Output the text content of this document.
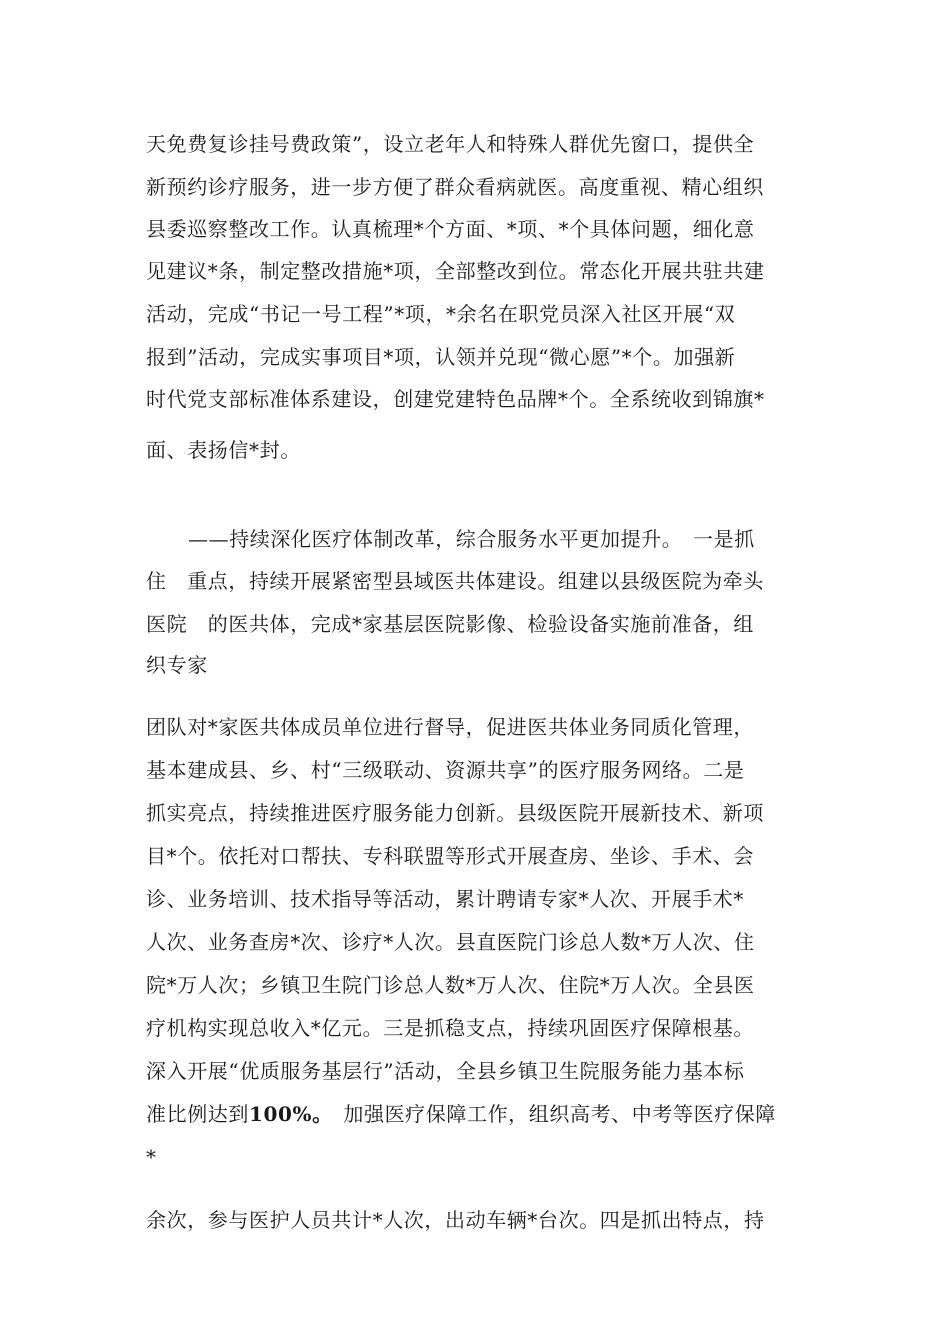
天免费复诊挂号费政策”，设立老年人和特殊人群优先窗口，提供全
新预约诊疗服务，进一步方便了群众看病就医。高度重视、精心组织
县委巡察整改工作。认真梳理*个方面、*项、*个具体问题，细化意
见建议*条，制定整改措施*项，全部整改到位。常态化开展共驻共建
活动，完成“书记一号工程”*项，*余名在职党员深入社区开展“双
报到”活动，完成实事项目*项，认领并兑现“微心愿”*个。加强新
时代党支部标准体系建设，创建党建特色品牌*个。全系统收到锦旗*
面、表扬信*封。
——持续深化医疗体制改革，综合服务水平更加提升。　一是抓
住　重点，持续开展紧密型县域医共体建设。组建以县级医院为牵头
医院　的医共体，完成*家基层医院影像、检验设备实施前准备，组
织专家
团队对*家医共体成员单位进行督导，促进医共体业务同质化管理，
基本建成县、乡、村“三级联动、资源共享”的医疗服务网络。二是
抓实亮点，持续推进医疗服务能力创新。县级医院开展新技术、新项
目*个。依托对口帮扶、专科联盟等形式开展查房、坐诊、手术、会
诊、业务培训、技术指导等活动，累计聘请专家*人次、开展手术*
人次、业务查房*次、诊疗*人次。县直医院门诊总人数*万人次、住
院*万人次；乡镇卫生院门诊总人数*万人次、住院*万人次。全县医
疗机构实现总收入*亿元。三是抓稳支点，持续巩固医疗保障根基。
深入开展“优质服务基层行”活动，全县乡镇卫生院服务能力基本标
准比例达到100%。　加强医疗保障工作，组织高考、中考等医疗保障
*
余次，参与医护人员共计*人次，出动车辆*台次。四是抓出特点，持
